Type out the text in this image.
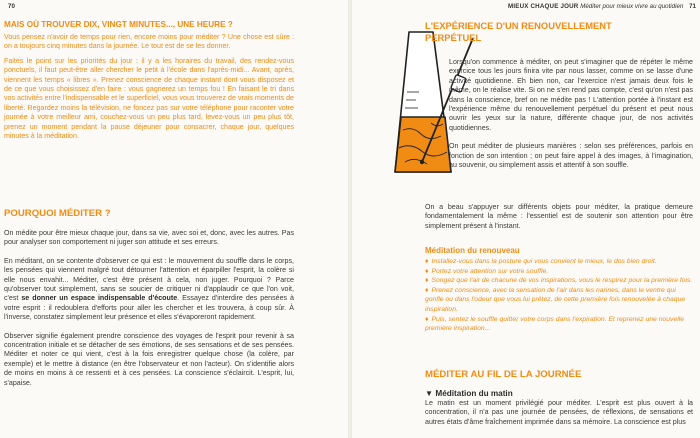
70

MAIS OÙ TROUVER DIX, VINGT MINUTES..., UNE HEURE ?

Vous pensez n'avoir de temps pour rien, encore moins pour méditer ? Une chose est sûre : on a toujours cinq minutes dans la journée. Le tout est de se les donner.

Faites le point sur les priorités du jour : il y a les horaires du travail, des rendez-vous ponctuels, il faut peut-être aller chercher le petit à l'école dans l'après-midi... Avant, après, viennent les temps « libres ». Prenez conscience de chaque instant dont vous disposez et de ce que vous choisissez d'en faire : vous gagnerez un temps fou ! En faisant le tri dans vos activités entre l'indispensable et le superficiel, vous vous trouverez de vrais moments de liberté. Regardez moins la télévision, ne foncez pas sur votre téléphone pour raconter votre journée à votre meilleur ami, couchez-vous un peu plus tard, levez-vous un peu plus tôt, prenez un moment pendant la pause déjeuner pour consacrer, chaque jour, quelques minutes à la méditation.

POURQUOI MÉDITER ?

On médite pour être mieux chaque jour, dans sa vie, avec soi et, donc, avec les autres. Pas pour analyser son comportement ni juger son attitude et ses erreurs.

En méditant, on se contente d'observer ce qui est : le mouvement du souffle dans le corps, les pensées qui viennent malgré tout détourner l'attention et éparpiller l'esprit, la colère si elle nous envahit... Méditer, c'est être présent à cela, non juger. Pourquoi ? Parce qu'observer tout simplement, sans se soucier de critiquer ni d'applaudir ce que l'on voit, c'est se donner un espace indispensable d'écoute. Essayez d'interdire des pensées à votre esprit : il redoublera d'efforts pour aller les chercher et les trouvera, à coup sûr. À l'inverse, constatez simplement leur présence et elles s'évaporeront rapidement.

Observer signifie également prendre conscience des voyages de l'esprit pour revenir à sa concentration initiale et se détacher de ses émotions, de ses sensations et de ses pensées. Méditer et noter ce qui vient, c'est à la fois enregistrer quelque chose (la colère, par exemple) et le mettre à distance (en être l'observateur et non l'acteur). On s'identifie alors de moins en moins à ce ressenti et à ces pensées. La conscience s'éclaircit. L'esprit, lui, s'apaise.

MIEUX CHAQUE JOUR Méditer pour mieux vivre au quotidien 71

L'EXPÉRIENCE D'UN RENOUVELLEMENT

PERPÉTUEL

Lorsqu'on commence à méditer, on peut s'imaginer que de répéter le même exercice tous les jours finira vite par nous lasser, comme on se lasse d'une activité quotidienne. Eh bien non, car l'exercice n'est jamais deux fois le même, on le réalise vite. Si on ne s'en rend pas compte, c'est qu'on n'est pas dans la conscience, bref on ne médite pas ! L'attention portée à l'instant est l'expérience même du renouvellement perpétuel du présent et peut nous ouvrir les yeux sur la nature, différente chaque jour, de nos activités quotidiennes.

On peut méditer de plusieurs manières : selon ses préférences, parfois en fonction de son intention ; on peut faire appel à des images, à l'imagination, au souvenir, ou simplement assis et attentif à son souffle.

On a beau s'appuyer sur différents objets pour méditer, la pratique demeure fondamentalement la même : l'essentiel est de soutenir son attention pour être simplement présent à l'instant.

Méditation du renouveau

♦ Installez-vous dans la posture qui vous convient le mieux, le dos bien droit.

♦ Portez votre attention sur votre souffle.

♦ Songez que l'air de chacune de vos inspirations, vous le respirez pour la première fois.

♦ Prenez conscience, avec la sensation de l'air dans les narines, dans le ventre qui gonfle ou dans l'odeur que vous lui prêtez, de cette première fois renouvelée à chaque inspiration.

♦ Puis, sentez le souffle quitter votre corps dans l'expiration. Et reprenez une nouvelle première inspiration...

MÉDITER AU FIL DE LA JOURNÉE

▼ Méditation du matin

Le matin est un moment privilégié pour méditer. L'esprit est plus ouvert à la concentration, il n'a pas une journée de pensées, de réflexions, de sensations et autres états d'âme fraîchement imprimée dans sa mémoire. La conscience est plus
